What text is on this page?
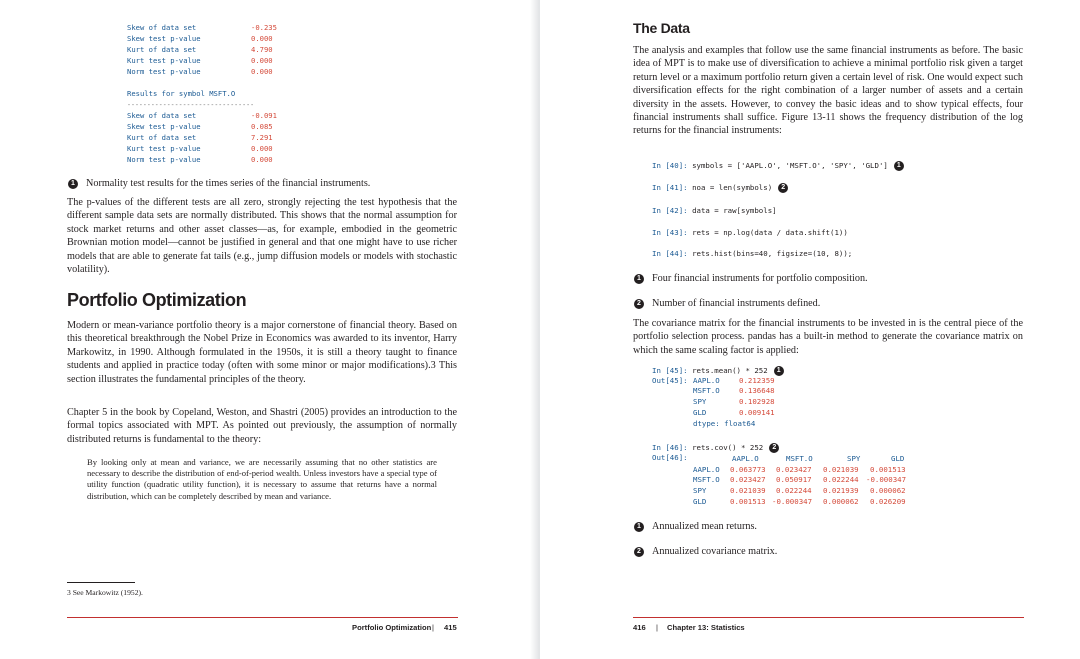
Skew of data set	-0.235
Skew test p-value	0.000
Kurt of data set	4.790
Kurt test p-value	0.000
Norm test p-value	0.000
Results for symbol MSFT.O
--------------------------------
Skew of data set	-0.091
Skew test p-value	0.085
Kurt of data set	7.291
Kurt test p-value	0.000
Norm test p-value	0.000
1 Normality test results for the times series of the financial instruments.
The p-values of the different tests are all zero, strongly rejecting the test hypothesis that the different sample data sets are normally distributed. This shows that the normal assumption for stock market returns and other asset classes—as, for example, embodied in the geometric Brownian motion model—cannot be justified in general and that one might have to use richer models that are able to generate fat tails (e.g., jump diffusion models or models with stochastic volatility).
Portfolio Optimization
Modern or mean-variance portfolio theory is a major cornerstone of financial theory. Based on this theoretical breakthrough the Nobel Prize in Economics was awarded to its inventor, Harry Markowitz, in 1990. Although formulated in the 1950s, it is still a theory taught to finance students and applied in practice today (often with some minor or major modifications).3 This section illustrates the fundamental principles of the theory.
Chapter 5 in the book by Copeland, Weston, and Shastri (2005) provides an introduction to the formal topics associated with MPT. As pointed out previously, the assumption of normally distributed returns is fundamental to the theory:
By looking only at mean and variance, we are necessarily assuming that no other statistics are necessary to describe the distribution of end-of-period wealth. Unless investors have a special type of utility function (quadratic utility function), it is necessary to assume that returns have a normal distribution, which can be completely described by mean and variance.
3 See Markowitz (1952).
Portfolio Optimization | 415
The Data
The analysis and examples that follow use the same financial instruments as before. The basic idea of MPT is to make use of diversification to achieve a minimal portfolio risk given a target return level or a maximum portfolio return given a certain level of risk. One would expect such diversification effects for the right combination of a larger number of assets and a certain diversity in the assets. However, to convey the basic ideas and to show typical effects, four financial instruments shall suffice. Figure 13-11 shows the frequency distribution of the log returns for the financial instruments:
In [40]: symbols = ['AAPL.O', 'MSFT.O', 'SPY', 'GLD'] 1
In [41]: noa = len(symbols) 2
In [42]: data = raw[symbols]
In [43]: rets = np.log(data / data.shift(1))
In [44]: rets.hist(bins=40, figsize=(10, 8));
1 Four financial instruments for portfolio composition.
2 Number of financial instruments defined.
The covariance matrix for the financial instruments to be invested in is the central piece of the portfolio selection process. pandas has a built-in method to generate the covariance matrix on which the same scaling factor is applied:
In [45]: rets.mean() * 252 1
Out[45]: AAPL.O	0.212359
MSFT.O	0.136648
SPY	0.102928
GLD	0.009141
dtype: float64
In [46]: rets.cov() * 252 2
Out[46]:	AAPL.O	MSFT.O	SPY	GLD
AAPL.O 0.063773 0.023427 0.021039 0.001513
MSFT.O 0.023427 0.050917 0.022244 -0.000347
SPY	0.021039 0.022244 0.021939 0.000062
GLD	0.001513 -0.000347 0.000062 0.026209
1 Annualized mean returns.
2 Annualized covariance matrix.
416 | Chapter 13: Statistics
